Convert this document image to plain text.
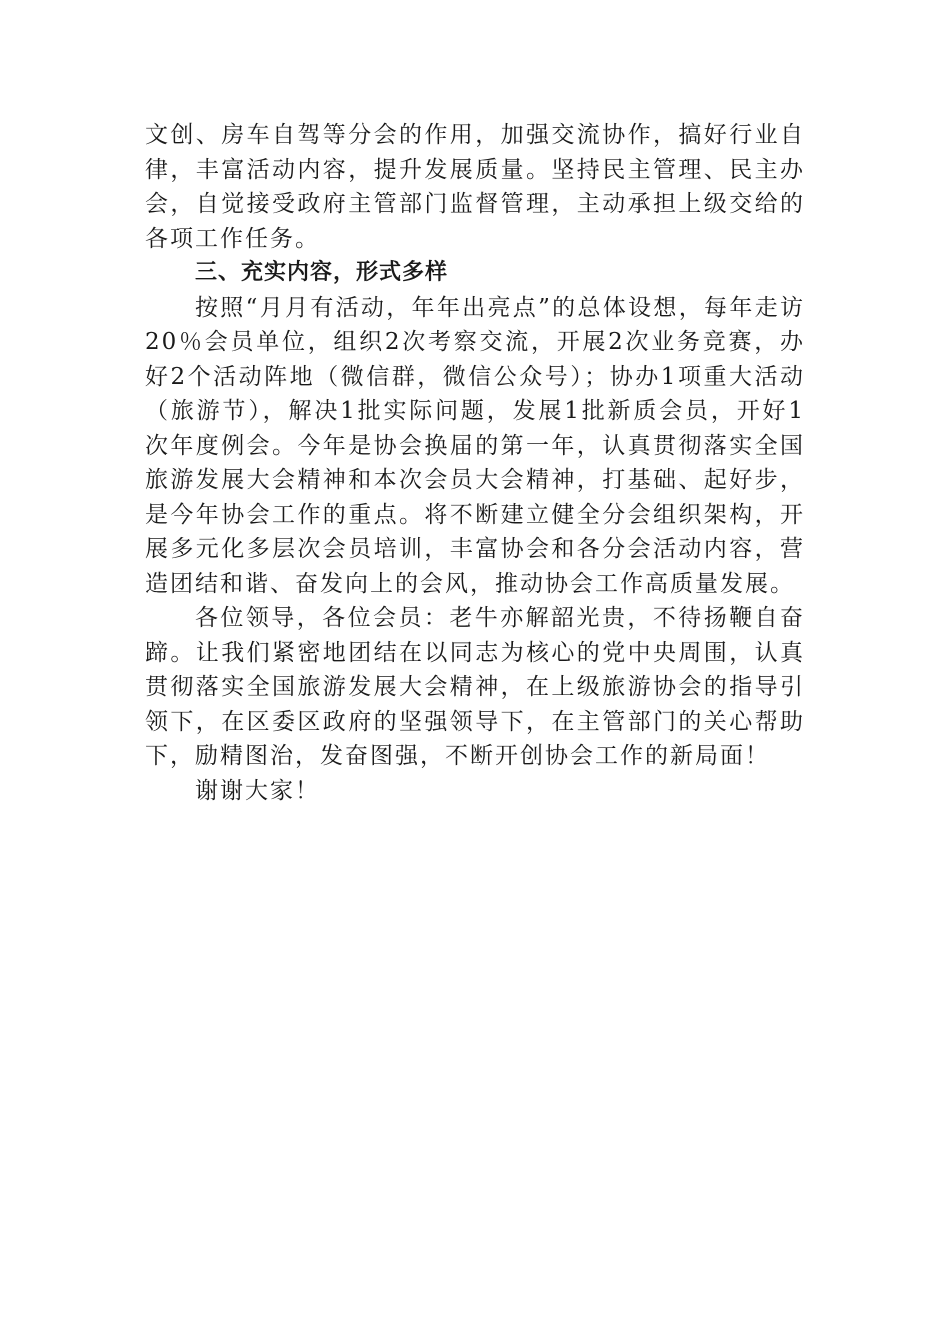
文创、房车自驾等分会的作用，加强交流协作，搞好行业自律，丰富活动内容，提升发展质量。坚持民主管理、民主办会，自觉接受政府主管部门监督管理，主动承担上级交给的各项工作任务。

三、充实内容，形式多样

按照“月月有活动，年年出亮点”的总体设想，每年走访20％会员单位，组织2次考察交流，开展2次业务竞赛，办好2个活动阵地（微信群，微信公众号）；协办1项重大活动（旅游节），解决1批实际问题，发展1批新质会员，开好1次年度例会。今年是协会换届的第一年，认真贯彻落实全国旅游发展大会精神和本次会员大会精神，打基础、起好步，是今年协会工作的重点。将不断建立健全分会组织架构，开展多元化多层次会员培训，丰富协会和各分会活动内容，营造团结和谐、奋发向上的会风，推动协会工作高质量发展。

各位领导，各位会员：老牛亦解韶光贵，不待扬鞭自奋蹄。让我们紧密地团结在以同志为核心的党中央周围，认真贯彻落实全国旅游发展大会精神，在上级旅游协会的指导引领下，在区委区政府的坚强领导下，在主管部门的关心帮助下，励精图治，发奋图强，不断开创协会工作的新局面！

谢谢大家！
